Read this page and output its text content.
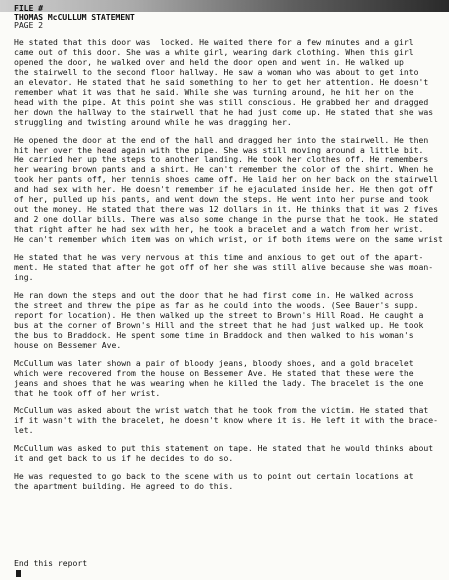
FILE #
THOMAS McCULLUM STATEMENT
PAGE 2

He stated that this door was  locked. He waited there for a few minutes and a girl
came out of this door. She was a white girl, wearing dark clothing. When this girl
opened the door, he walked over and held the door open and went in. He walked up
the stairwell to the second floor hallway. He saw a woman who was about to get into
an elevator. He stated that he said something to her to get her attention. He doesn't
remember what it was that he said. While she was turning around, he hit her on the
head with the pipe. At this point she was still conscious. He grabbed her and dragged
her down the hallway to the stairwell that he had just come up. He stated that she was
struggling and twisting around while he was dragging her.

He opened the door at the end of the hall and dragged her into the stairwell. He then
hit her over the head again with the pipe. She was still moving around a little bit.
He carried her up the steps to another landing. He took her clothes off. He remembers
her wearing brown pants and a shirt. He can't remember the color of the shirt. When he
took her pants off, her tennis shoes came off. He laid her on her back on the stairwell
and had sex with her. He doesn't remember if he ejaculated inside her. He then got off
of her, pulled up his pants, and went down the steps. He went into her purse and took
out the money. He stated that there was 12 dollars in it. He thinks that it was 2 fives
and 2 one dollar bills. There was also some change in the purse that he took. He stated
that right after he had sex with her, he took a bracelet and a watch from her wrist.
He can't remember which item was on which wrist, or if both items were on the same wrist

He stated that he was very nervous at this time and anxious to get out of the apart-
ment. He stated that after he got off of her she was still alive because she was moan-
ing.

He ran down the steps and out the door that he had first come in. He walked across
the street and threw the pipe as far as he could into the woods. (See Bauer's supp.
report for location). He then walked up the street to Brown's Hill Road. He caught a
bus at the corner of Brown's Hill and the street that he had just walked up. He took
the bus to Braddock. He spent some time in Braddock and then walked to his woman's
house on Bessemer Ave.

McCullum was later shown a pair of bloody jeans, bloody shoes, and a gold bracelet
which were recovered from the house on Bessemer Ave. He stated that these were the
jeans and shoes that he was wearing when he killed the lady. The bracelet is the one
that he took off of her wrist.

McCullum was asked about the wrist watch that he took from the victim. He stated that
if it wasn't with the bracelet, he doesn't know where it is. He left it with the brace-
let.

McCullum was asked to put this statement on tape. He stated that he would thinks about
it and get back to us if he decides to do so.

He was requested to go back to the scene with us to point out certain locations at
the apartment building. He agreed to do this.

End this report
